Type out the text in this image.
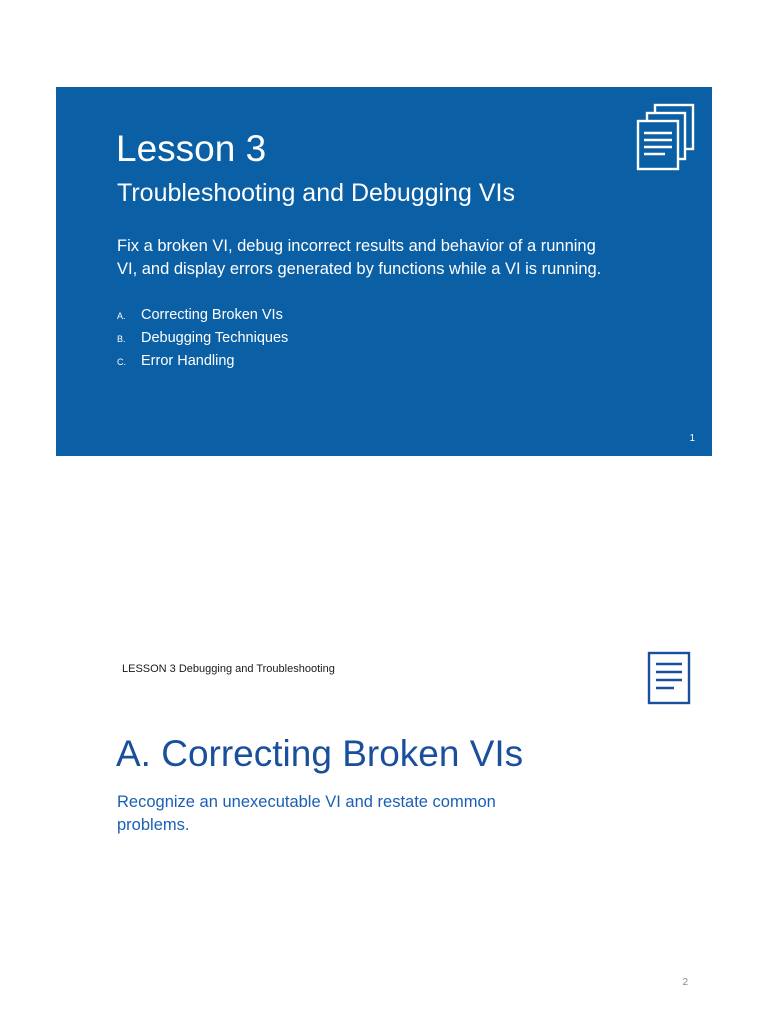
Lesson 3
Troubleshooting and Debugging VIs

Fix a broken VI, debug incorrect results and behavior of a running VI, and display errors generated by functions while a VI is running.

A.	Correcting Broken VIs
B.	Debugging Techniques
C.	Error Handling
1
LESSON 3 Debugging and Troubleshooting
A. Correcting Broken VIs

Recognize an unexecutable VI and restate common problems.

2
